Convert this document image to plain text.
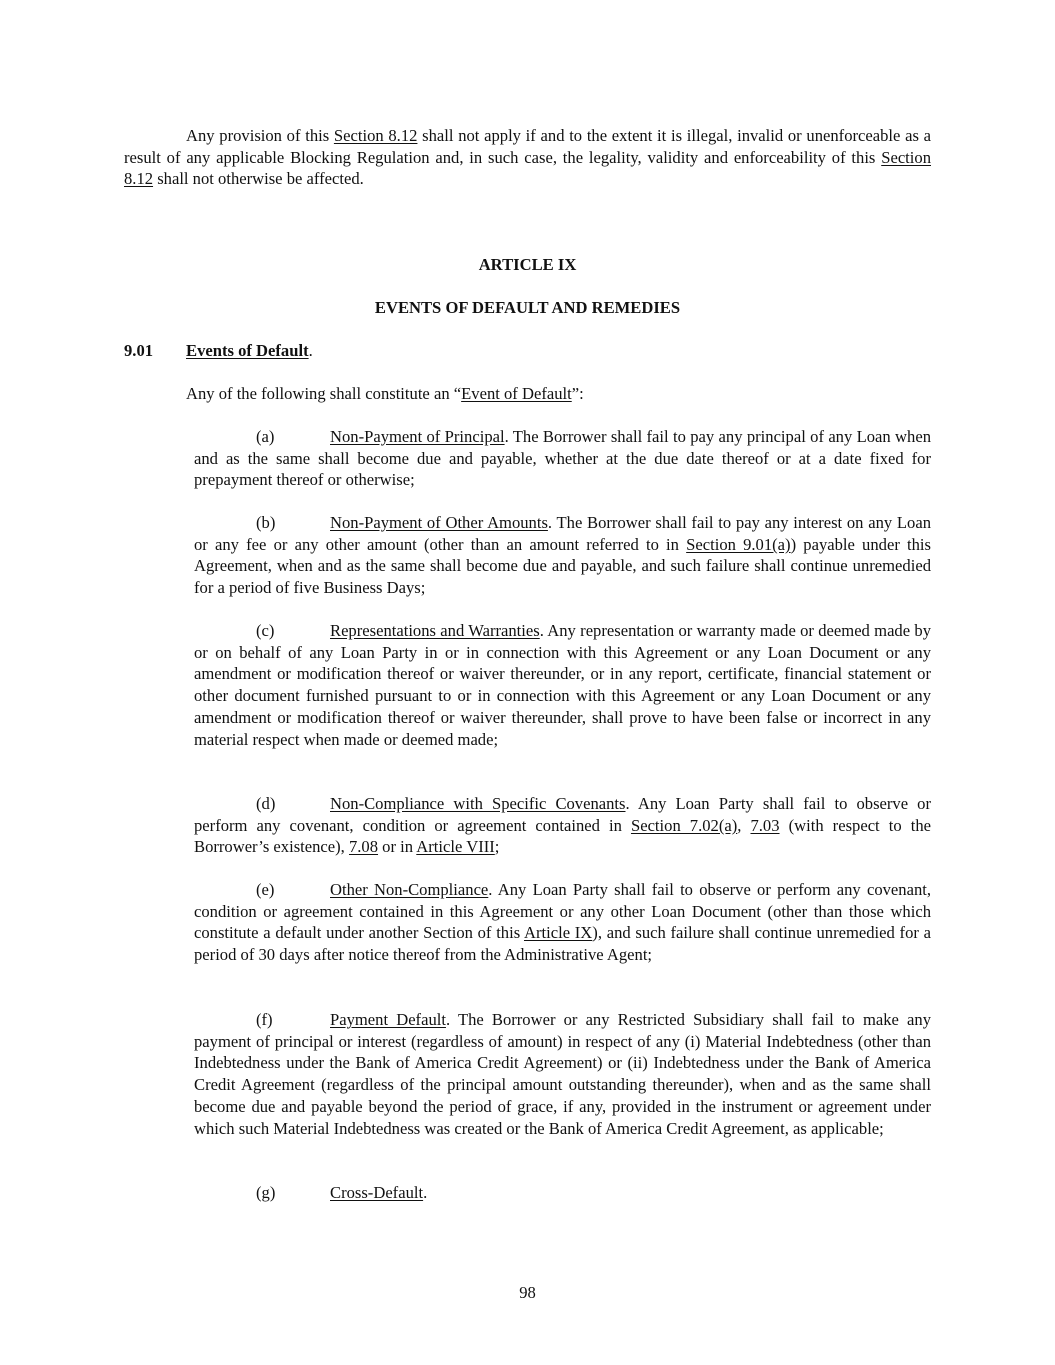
Any provision of this Section 8.12 shall not apply if and to the extent it is illegal, invalid or unenforceable as a result of any applicable Blocking Regulation and, in such case, the legality, validity and enforceability of this Section 8.12 shall not otherwise be affected.

ARTICLE IX

EVENTS OF DEFAULT AND REMEDIES

9.01 Events of Default.

Any of the following shall constitute an “Event of Default”:

(a)	Non-Payment of Principal. The Borrower shall fail to pay any principal of any Loan when and as the same shall become due and payable, whether at the due date thereof or at a date fixed for prepayment thereof or otherwise;

(b)	Non-Payment of Other Amounts. The Borrower shall fail to pay any interest on any Loan or any fee or any other amount (other than an amount referred to in Section 9.01(a)) payable under this Agreement, when and as the same shall become due and payable, and such failure shall continue unremedied for a period of five Business Days;

(c)	Representations and Warranties. Any representation or warranty made or deemed made by or on behalf of any Loan Party in or in connection with this Agreement or any Loan Document or any amendment or modification thereof or waiver thereunder, or in any report, certificate, financial statement or other document furnished pursuant to or in connection with this Agreement or any Loan Document or any amendment or modification thereof or waiver thereunder, shall prove to have been false or incorrect in any material respect when made or deemed made;

(d)	Non-Compliance with Specific Covenants. Any Loan Party shall fail to observe or perform any covenant, condition or agreement contained in Section 7.02(a), 7.03 (with respect to the Borrower’s existence), 7.08 or in Article VIII;

(e)	Other Non-Compliance. Any Loan Party shall fail to observe or perform any covenant, condition or agreement contained in this Agreement or any other Loan Document (other than those which constitute a default under another Section of this Article IX), and such failure shall continue unremedied for a period of 30 days after notice thereof from the Administrative Agent;

(f)	Payment Default. The Borrower or any Restricted Subsidiary shall fail to make any payment of principal or interest (regardless of amount) in respect of any (i) Material Indebtedness (other than Indebtedness under the Bank of America Credit Agreement) or (ii) Indebtedness under the Bank of America Credit Agreement (regardless of the principal amount outstanding thereunder), when and as the same shall become due and payable beyond the period of grace, if any, provided in the instrument or agreement under which such Material Indebtedness was created or the Bank of America Credit Agreement, as applicable;

(g)	Cross-Default.

98
